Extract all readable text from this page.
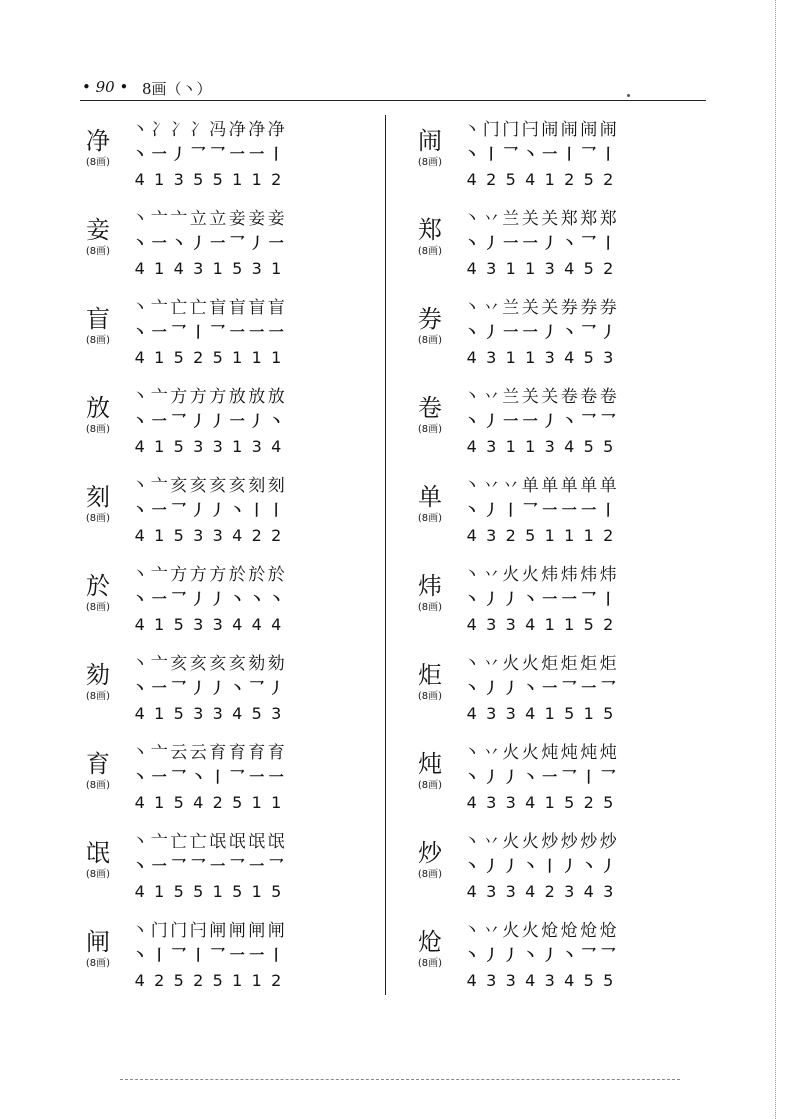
• 90 • 8画（丶）
净
(8画)
丶 冫 冫 冫 冯 净 净 净
丶 一 丿 乛 乛 一 一 丨
4 1 3 5 5 1 1 2
妾
(8画)
丶 亠 亠 立 立 妾 妾 妾
丶 一 丶 丿 一 乛 丿 一
4 1 4 3 1 5 3 1
盲
(8画)
丶 亠 亡 亡 盲 盲 盲 盲
丶 一 乛 丨 乛 一 一 一
4 1 5 2 5 1 1 1
放
(8画)
丶 亠 方 方 方 放 放 放
丶 一 乛 丿 丿 一 丿 丶
4 1 5 3 3 1 3 4
刻
(8画)
丶 亠 亥 亥 亥 亥 刻 刻
丶 一 乛 丿 丿 丶 丨 丨
4 1 5 3 3 4 2 2
於
(8画)
丶 亠 方 方 方 於 於 於
丶 一 乛 丿 丿 丶 丶 丶
4 1 5 3 3 4 4 4
劾
(8画)
丶 亠 亥 亥 亥 亥 劾 劾
丶 一 乛 丿 丿 丶 乛 丿
4 1 5 3 3 4 5 3
育
(8画)
丶 亠 云 云 育 育 育 育
丶 一 乛 丶 丨 乛 一 一
4 1 5 4 2 5 1 1
氓
(8画)
丶 亠 亡 亡 氓 氓 氓 氓
丶 一 乛 乛 一 乛 一 乛
4 1 5 5 1 5 1 5
闸
(8画)
丶 门 门 闩 闸 闸 闸 闸
丶 丨 乛 丨 乛 一 一 丨
4 2 5 2 5 1 1 2
闹
(8画)
丶 门 门 闩 闹 闹 闹 闹
丶 丨 乛 丶 一 丨 乛 丨
4 2 5 4 1 2 5 2
郑
(8画)
丶 丷 兰 关 关 郑 郑 郑
丶 丿 一 一 丿 丶 乛 丨
4 3 1 1 3 4 5 2
券
(8画)
丶 丷 兰 关 关 券 券 券
丶 丿 一 一 丿 丶 乛 丿
4 3 1 1 3 4 5 3
卷
(8画)
丶 丷 兰 关 关 卷 卷 卷
丶 丿 一 一 丿 丶 乛 乛
4 3 1 1 3 4 5 5
单
(8画)
丶 丷 丷 单 单 单 单 单
丶 丿 丨 乛 一 一 一 丨
4 3 2 5 1 1 1 2
炜
(8画)
丶 丷 火 火 炜 炜 炜 炜
丶 丿 丿 丶 一 一 乛 丨
4 3 3 4 1 1 5 2
炬
(8画)
丶 丷 火 火 炬 炬 炬 炬
丶 丿 丿 丶 一 乛 一 乛
4 3 3 4 1 5 1 5
炖
(8画)
丶 丷 火 火 炖 炖 炖 炖
丶 丿 丿 丶 一 乛 丨 乛
4 3 3 4 1 5 2 5
炒
(8画)
丶 丷 火 火 炒 炒 炒 炒
丶 丿 丿 丶 丨 丿 丶 丿
4 3 3 4 2 3 4 3
炝
(8画)
丶 丷 火 火 炝 炝 炝 炝
丶 丿 丿 丶 丿 丶 乛 乛
4 3 3 4 3 4 5 5
